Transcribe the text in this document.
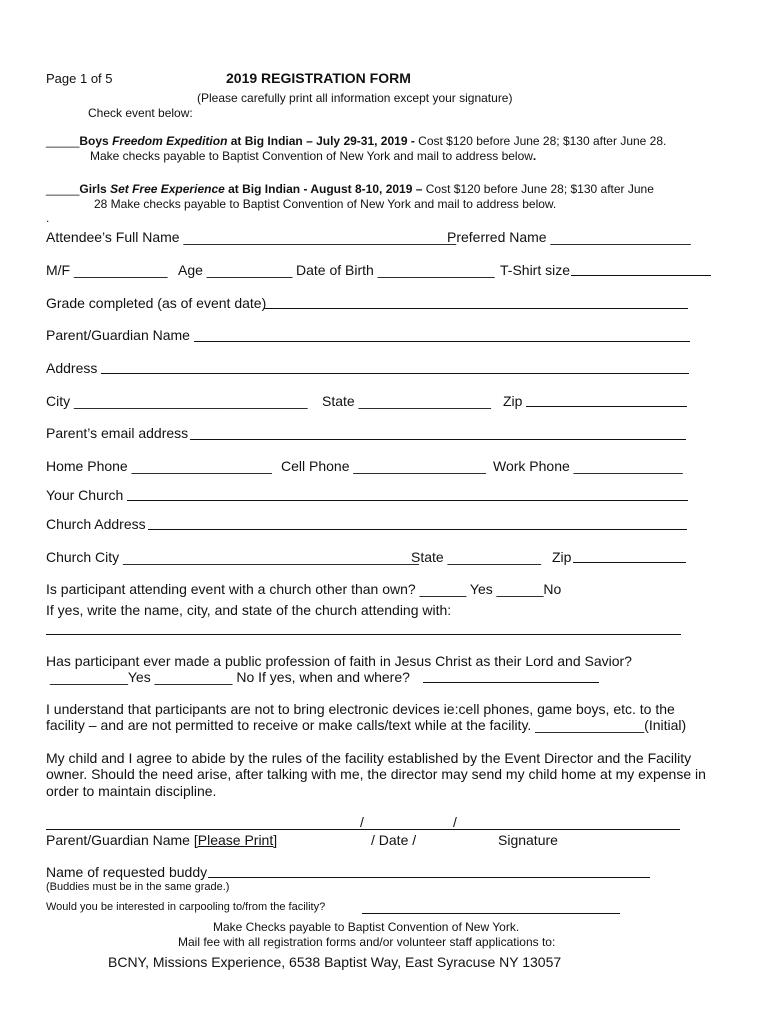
Page 1 of 5	2019 REGISTRATION FORM
(Please carefully print all information except your signature)
Check event below:
_____Boys Freedom Expedition at Big Indian – July 29-31, 2019 - Cost $120 before June 28; $130 after June 28.
Make checks payable to Baptist Convention of New York and mail to address below.
_____Girls Set Free Experience at Big Indian - August 8-10, 2019 – Cost $120 before June 28; $130 after June
28 Make checks payable to Baptist Convention of New York and mail to address below.
.
Attendee’s Full Name ___________________________________
Preferred Name __________________
M/F ____________ Age ___________ Date of Birth _______________ T-Shirt size
Grade completed (as of event date)
Parent/Guardian Name
Address
City ______________________________ State _________________ Zip
Parent’s email address
Home Phone __________________ Cell Phone _________________ Work Phone ______________
Your Church
Church Address
Church City ______________________________________
State ____________ Zip
Is participant attending event with a church other than own? ______ Yes ______No
If yes, write the name, city, and state of the church attending with:
Has participant ever made a public profession of faith in Jesus Christ as their Lord and Savior?
__________Yes __________ No If yes, when and where?
I understand that participants are not to bring electronic devices ie:cell phones, game boys, etc. to the
facility – and are not permitted to receive or make calls/text while at the facility. ______________(Initial)
My child and I agree to abide by the rules of the facility established by the Event Director and the Facility
owner. Should the need arise, after talking with me, the director may send my child home at my expense in
order to maintain discipline.
/	/
Parent/Guardian Name [Please Print]	/ Date /	Signature
Name of requested buddy
(Buddies must be in the same grade.)
Would you be interested in carpooling to/from the facility?
Make Checks payable to Baptist Convention of New York.
Mail fee with all registration forms and/or volunteer staff applications to:
BCNY, Missions Experience, 6538 Baptist Way, East Syracuse NY 13057
